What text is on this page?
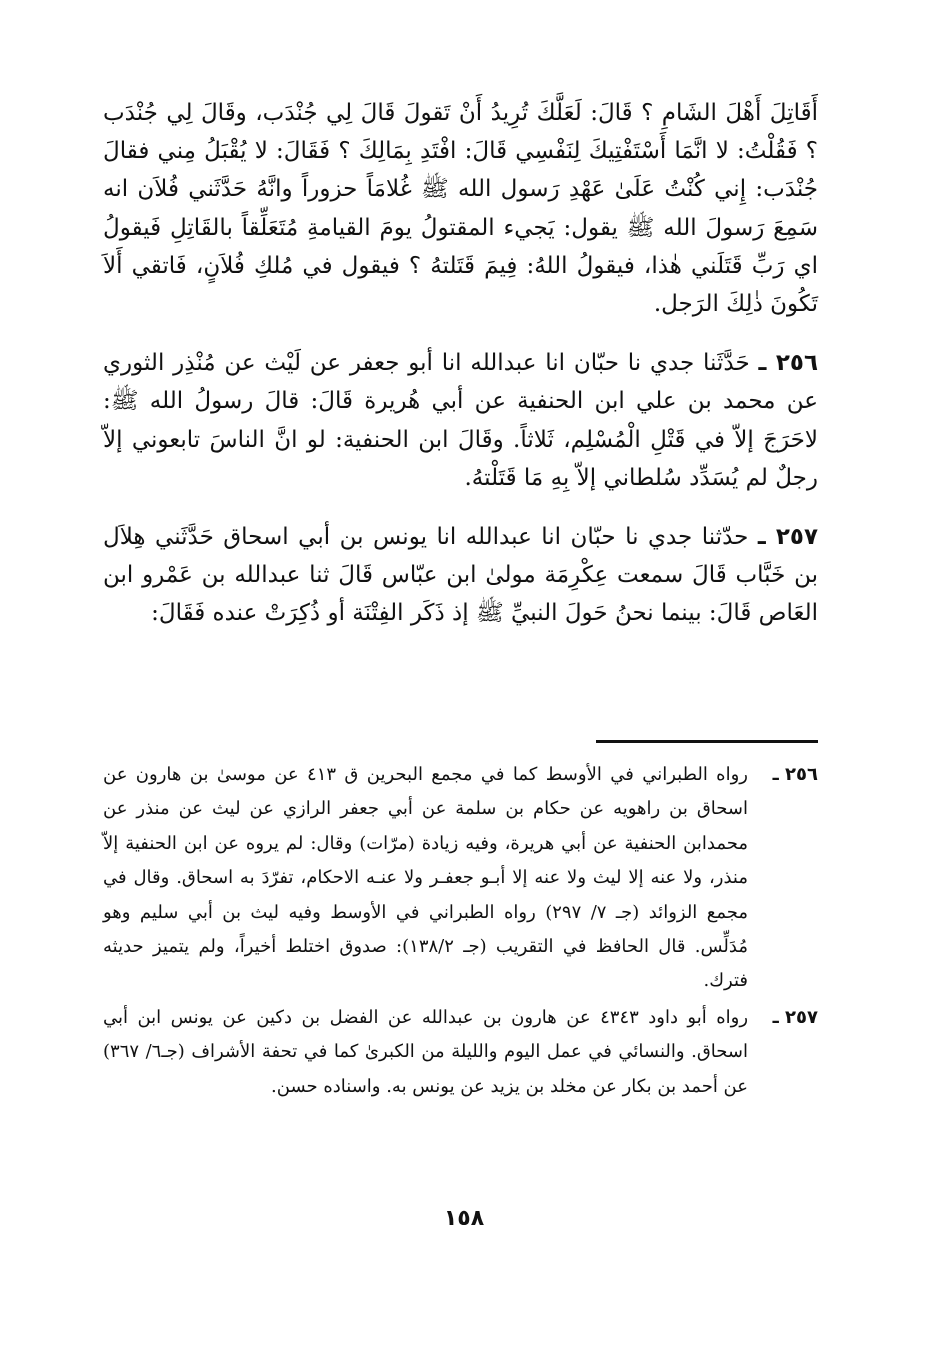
أَقَاتِلَ أَهْلَ الشَامِ ؟ قَالَ: لَعَلَّكَ تُرِيدُ أَنْ تَقولَ قَالَ لِي جُنْدَب، وقَالَ لِي جُنْدَب ؟ فَقُلْتُ: لا انَّمَا أَسْتَفْتِيكَ لِنَفْسِي قَالَ: افْتَدِ بِمَالِكَ ؟ فَقَالَ: لا يُقْبَلُ مِني فقالَ جُنْدَب: إِني كُنْتُ عَلَىٰ عَهْدِ رَسول الله ﷺ غُلامَاً حزوراً وانَّهُ حَدَّثَني فُلاَن انه سَمِعَ رَسولَ الله ﷺ يقول: يَجيء المقتولُ يومَ القيامةِ مُتَعَلِّقاً بالقَاتِلِ فَيقولُ اي رَبِّ قَتَلَني هٰذا، فيقولُ اللهُ: فِيمَ قَتَلتهُ ؟ فيقول في مُلكِ فُلاَنٍ، فَاتقي أَلاَ تَكُونَ ذٰلِكَ الرَجل.

٢٥٦ ـ حَدَّثَنا جدي نا حبّان انا عبدالله انا أبو جعفر عن لَيْث عن مُنْذِر الثوري عن محمد بن علي ابن الحنفية عن أبي هُريرة قَالَ: قالَ رسولُ الله ﷺ: لاحَرَجَ إلاّ في قَتْلِ الْمُسْلِم، ثَلاثاً. وقَالَ ابن الحنفية: لو انَّ الناسَ تابعوني إلاّ رجلٌ لم يُسَدِّد سُلطاني إلاّ بِهِ مَا قَتَلْتهُ.

٢٥٧ ـ حدّثنا جدي نا حبّان انا عبدالله انا يونس بن أبي اسحاق حَدَّثَني هِلاَل بن خَبَّاب قَالَ سمعت عِكْرِمَة مولىٰ ابن عبّاس قَالَ ثنا عبدالله بن عَمْرو ابن العَاص قَالَ: بينما نحنُ حَولَ النبيِّ ﷺ إذ ذَكَر الفِتْنَة أو ذُكِرَتْ عنده فَقَالَ:

٢٥٦ ـ
رواه الطبراني في الأوسط كما في مجمع البحرين ق ٤١٣ عن موسىٰ بن هارون عن اسحاق بن راهويه عن حكام بن سلمة عن أبي جعفر الرازي عن ليث عن منذر عن محمدابن الحنفية عن أبي هريرة، وفيه زيادة (مرّات) وقال: لم يروه عن ابن الحنفية إلاّ منذر، ولا عنه إلا ليث ولا عنه إلا أبـو جعفـر ولا عنـه الاحكام، تفرّدَ به اسحاق. وقال في مجمع الزوائد (جـ ٧/ ٢٩٧) رواه الطبراني في الأوسط وفيه ليث بن أبي سليم وهو مُدَلِّس. قال الحافظ في التقريب (جـ ١٣٨/٢): صدوق اختلط أخيراً، ولم يتميز حديثه فترك.
٢٥٧ ـ
رواه أبو داود ٤٣٤٣ عن هارون بن عبدالله عن الفضل بن دكين عن يونس ابن أبي اسحاق. والنسائي في عمل اليوم والليلة من الكبرىٰ كما في تحفة الأشراف (جـ٦/ ٣٦٧) عن أحمد بن بكار عن مخلد بن يزيد عن يونس به. واسناده حسن.
١٥٨
